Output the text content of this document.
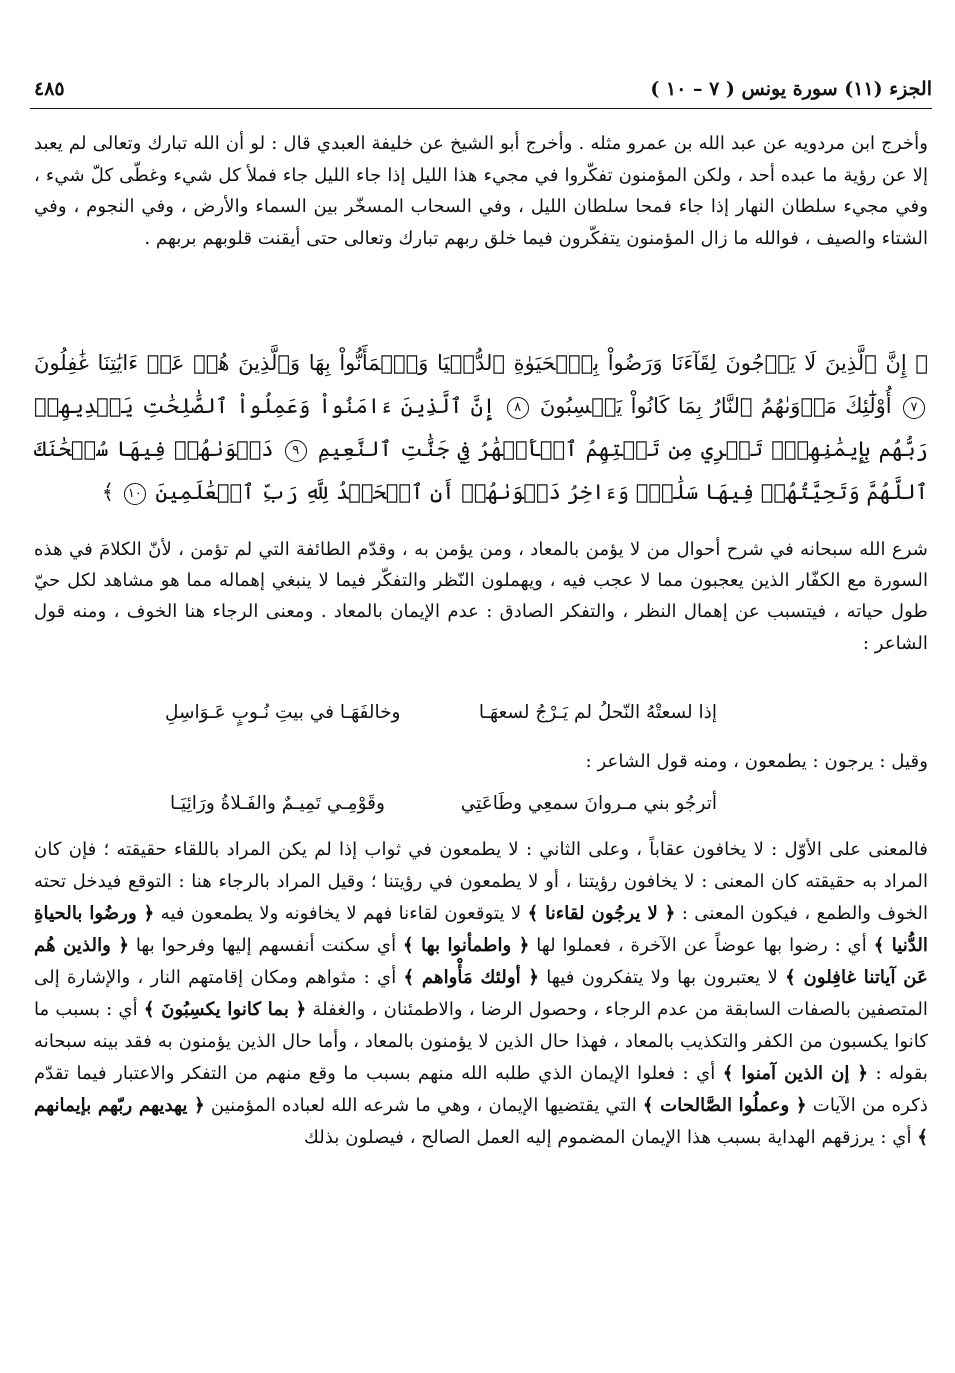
الجزء (١١) سورة يونس ( ٧ – ١٠ )
٤٨٥

وأخرج ابن مردويه عن عبد الله بن عمرو مثله . وأخرج أبو الشيخ عن خليفة العبدي قال : لو أن الله تبارك وتعالى لم يعبد إلا عن رؤية ما عبده أحد ، ولكن المؤمنون تفكّروا في مجيء هذا الليل إذا جاء الليل جاء فملأ كل شيء وغطّى كلّ شيء ، وفي مجيء سلطان النهار إذا جاء فمحا سلطان الليل ، وفي السحاب المسخّر بين السماء والأرض ، وفي النجوم ، وفي الشتاء والصيف ، فوالله ما زال المؤمنون يتفكّرون فيما خلق ربهم تبارك وتعالى حتى أيقنت قلوبهم بربهم .

﴿ إِنَّ ٱلَّذِينَ لَا يَرۡجُونَ لِقَآءَنَا وَرَضُواْ بِٱلۡحَيَوٰةِ ٱلدُّنۡيَا وَٱطۡمَأَنُّواْ بِهَا وَٱلَّذِينَ هُمۡ عَنۡ ءَايَٰتِنَا غَٰفِلُونَ ٧ أُوْلَٰٓئِكَ مَأۡوَىٰهُمُ ٱلنَّارُ بِمَا كَانُواْ يَكۡسِبُونَ ٨ إِنَّ ٱلَّذِينَ ءَامَنُواْ وَعَمِلُواْ ٱلصَّٰلِحَٰتِ يَهۡدِيهِمۡ رَبُّهُم بِإِيمَٰنِهِمۡۖ تَجۡرِي مِن تَحۡتِهِمُ ٱلۡأَنۡهَٰرُ فِي جَنَّٰتِ ٱلنَّعِيمِ ٩ دَعۡوَىٰهُمۡ فِيهَا سُبۡحَٰنَكَ ٱللَّهُمَّ وَتَحِيَّتُهُمۡ فِيهَا سَلَٰمٞۚ وَءَاخِرُ دَعۡوَىٰهُمۡ أَنِ ٱلۡحَمۡدُ لِلَّهِ رَبِّ ٱلۡعَٰلَمِينَ ١٠ ﴾

شرع الله سبحانه في شرح أحوال من لا يؤمن بالمعاد ، ومن يؤمن به ، وقدّم الطائفة التي لم تؤمن ، لأنّ الكلامَ في هذه السورة مع الكفّار الذين يعجبون مما لا عجب فيه ، ويهملون النّظر والتفكّر فيما لا ينبغي إهماله مما هو مشاهد لكل حيّ طول حياته ، فيتسبب عن إهمال النظر ، والتفكر الصادق : عدم الإيمان بالمعاد . ومعنى الرجاء هنا الخوف ، ومنه قول الشاعر :

إذا لسعتْهُ النّحلُ لم يَـرْجُ لسعهَـا
وخالفَهَـا في بيتِ نُـوبٍ عَـوَاسِلِ

وقيل : يرجون : يطمعون ، ومنه قول الشاعر :

أترجُو بني مـروانَ سمعِي وطَاعَتِي
وقَوْمِـي تَمِيـمٌ والفَـلاةُ ورَائِيَـا

فالمعنى على الأوّل : لا يخافون عقاباً ، وعلى الثاني : لا يطمعون في ثواب إذا لم يكن المراد باللقاء حقيقته ؛ فإن كان المراد به حقيقته كان المعنى : لا يخافون رؤيتنا ، أو لا يطمعون في رؤيتنا ؛ وقيل المراد بالرجاء هنا : التوقع فيدخل تحته الخوف والطمع ، فيكون المعنى : ﴿ لا يرجُون لقاءنا ﴾ لا يتوقعون لقاءنا فهم لا يخافونه ولا يطمعون فيه ﴿ ورضُوا بالحياةِ الدُّنيا ﴾ أي : رضوا بها عوضاً عن الآخرة ، فعملوا لها ﴿ واطمأنوا بها ﴾ أي سكنت أنفسهم إليها وفرحوا بها ﴿ والذين هُم عَن آياتنا غافِلون ﴾ لا يعتبرون بها ولا يتفكرون فيها ﴿ أولئك مَأْواهم ﴾ أي : مثواهم ومكان إقامتهم النار ، والإشارة إلى المتصفين بالصفات السابقة من عدم الرجاء ، وحصول الرضا ، والاطمئنان ، والغفلة ﴿ بما كانوا يكسِبُونَ ﴾ أي : بسبب ما كانوا يكسبون من الكفر والتكذيب بالمعاد ، فهذا حال الذين لا يؤمنون بالمعاد ، وأما حال الذين يؤمنون به فقد بينه سبحانه بقوله : ﴿ إن الذين آمنوا ﴾ أي : فعلوا الإيمان الذي طلبه الله منهم بسبب ما وقع منهم من التفكر والاعتبار فيما تقدّم ذكره من الآيات ﴿ وعملُوا الصَّالحات ﴾ التي يقتضيها الإيمان ، وهي ما شرعه الله لعباده المؤمنين ﴿ يهديهم ربّهم بإيمانهم ﴾ أي : يرزقهم الهداية بسبب هذا الإيمان المضموم إليه العمل الصالح ، فيصلون بذلك
